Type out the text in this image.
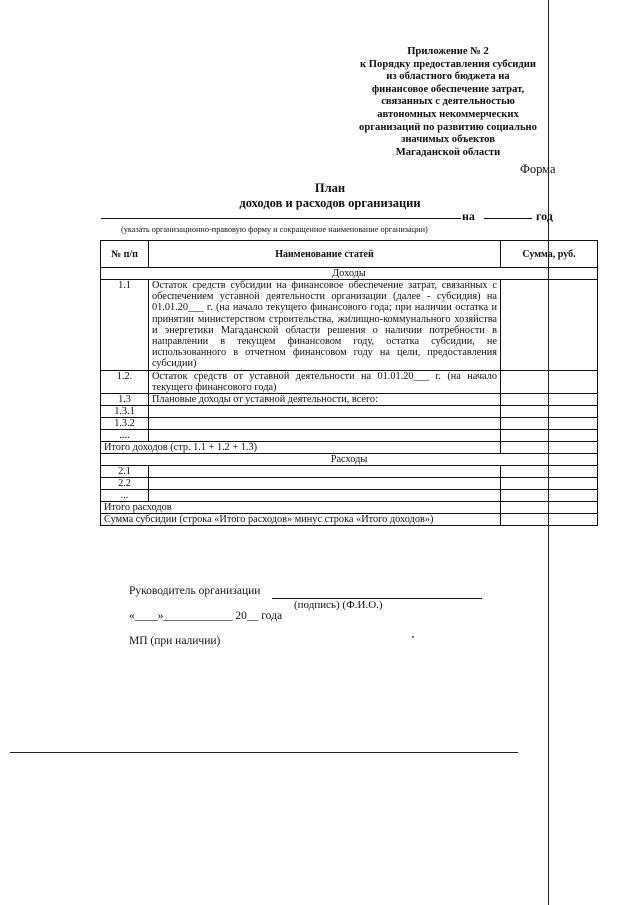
Приложение № 2
к Порядку предоставления субсидии
из областного бюджета на
финансовое обеспечение затрат,
связанных с деятельностью
автономных некоммерческих
организаций по развитию социально
значимых объектов
Магаданской области
Форма
План
доходов и расходов организации
на	год
(указать организационно-правовую форму и сокращенное наименование организации)
№ п/п	Наименование статей	Сумма, руб.
Доходы		
1.1	Остаток средств субсидии на финансовое обеспечение затрат, связанных с обеспечением уставной деятельности организации (далее - субсидия) на 01.01.20___ г. (на начало текущего финансового года; при наличии остатка и принятии министерством строительства, жилищно-коммунального хозяйства и энергетики Магаданской области решения о наличии потребности в направлении в текущем финансовом году, остатка субсидии, не использованного в отчетном финансовом году на цели, предоставления субсидии)	
1.2.	Остаток средств от уставной деятельности на 01.01.20___ г. (на начало текущего финансового года)	
1.3	Плановые доходы от уставной деятельности, всего:	
1.3.1		
1.3.2		
....		
Итого доходов (стр. 1.1 + 1.2 + 1.3)		
Расходы		
2.1		
2.2		
...		
Итого расходов		
Сумма субсидии (строка «Итого расходов» минус строка «Итого доходов»)		
Руководитель организации
(подпись) (Ф.И.О.)
«____»____________ 20__ года
МП (при наличии)
